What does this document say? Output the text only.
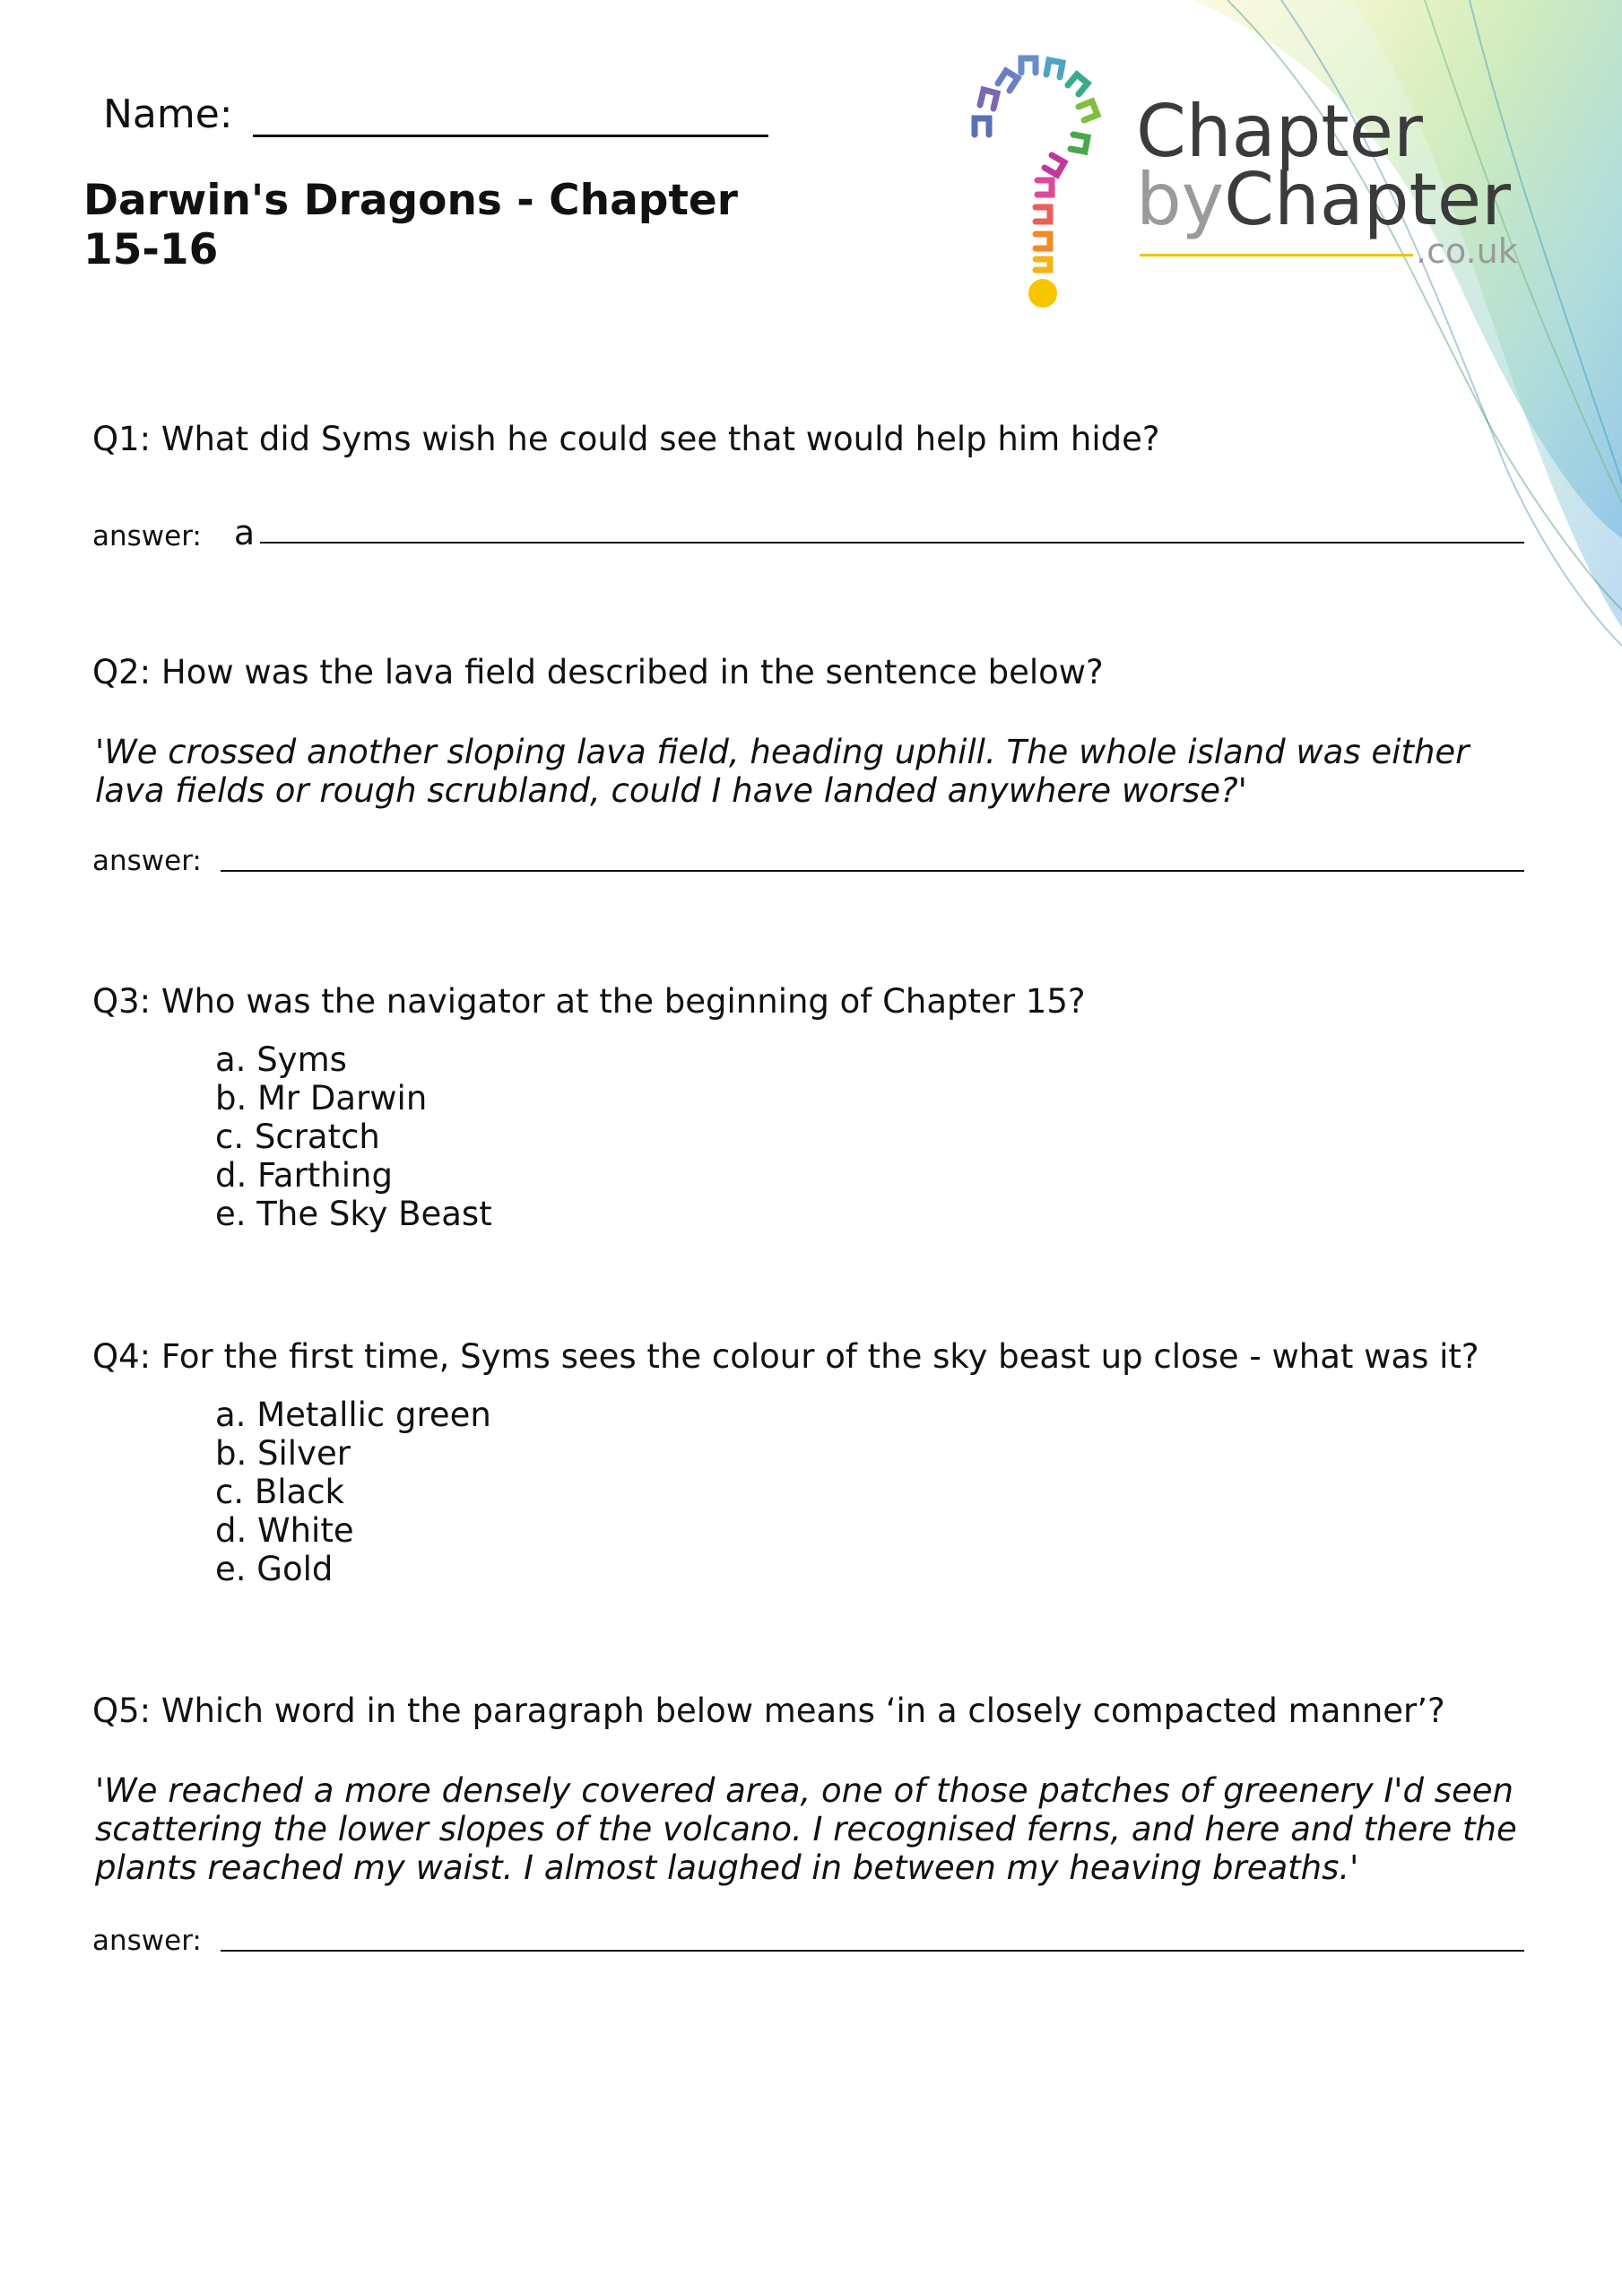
Name:
Darwin's Dragons - Chapter 15-16
Chapter
byChapter
.co.uk
Q1: What did Syms wish he could see that would help him hide?
answer: a
Q2: How was the lava field described in the sentence below?
'We crossed another sloping lava field, heading uphill. The whole island was either lava fields or rough scrubland, could I have landed anywhere worse?'
answer:
Q3: Who was the navigator at the beginning of Chapter 15?
a. Syms
b. Mr Darwin
c. Scratch
d. Farthing
e. The Sky Beast
Q4: For the first time, Syms sees the colour of the sky beast up close - what was it?
a. Metallic green
b. Silver
c. Black
d. White
e. Gold
Q5: Which word in the paragraph below means ‘in a closely compacted manner’?
'We reached a more densely covered area, one of those patches of greenery I'd seen scattering the lower slopes of the volcano. I recognised ferns, and here and there the plants reached my waist. I almost laughed in between my heaving breaths.'
answer:
